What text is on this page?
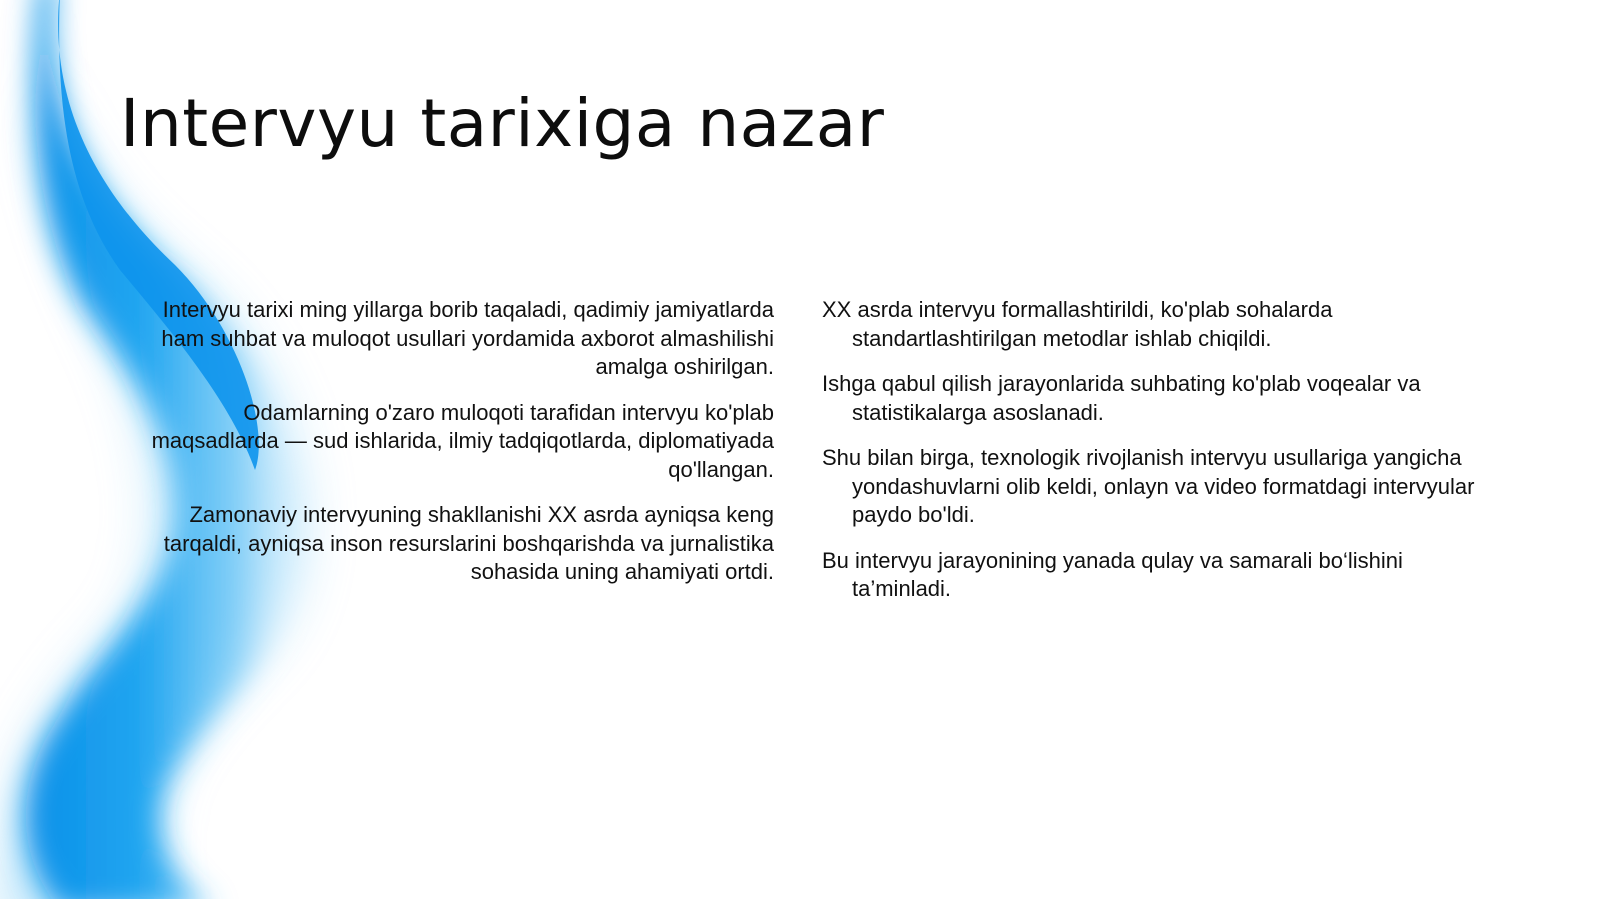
Intervyu tarixiga nazar

Intervyu tarixi ming yillarga borib taqaladi, qadimiy jamiyatlarda ham suhbat va muloqot usullari yordamida axborot almashilishi amalga oshirilgan.

Odamlarning o'zaro muloqoti tarafidan intervyu ko'plab maqsadlarda — sud ishlarida, ilmiy tadqiqotlarda, diplomatiyada qo'llangan.

Zamonaviy intervyuning shakllanishi XX asrda ayniqsa keng tarqaldi, ayniqsa inson resurslarini boshqarishda va jurnalistika sohasida uning ahamiyati ortdi.

XX asrda intervyu formallashtirildi, ko'plab sohalarda standartlashtirilgan metodlar ishlab chiqildi.

Ishga qabul qilish jarayonlarida suhbating ko'plab voqealar va statistikalarga asoslanadi.

Shu bilan birga, texnologik rivojlanish intervyu usullariga yangicha yondashuvlarni olib keldi, onlayn va video formatdagi intervyular paydo bo'ldi.

Bu intervyu jarayonining yanada qulay va samarali bo‘lishini ta’minladi.
